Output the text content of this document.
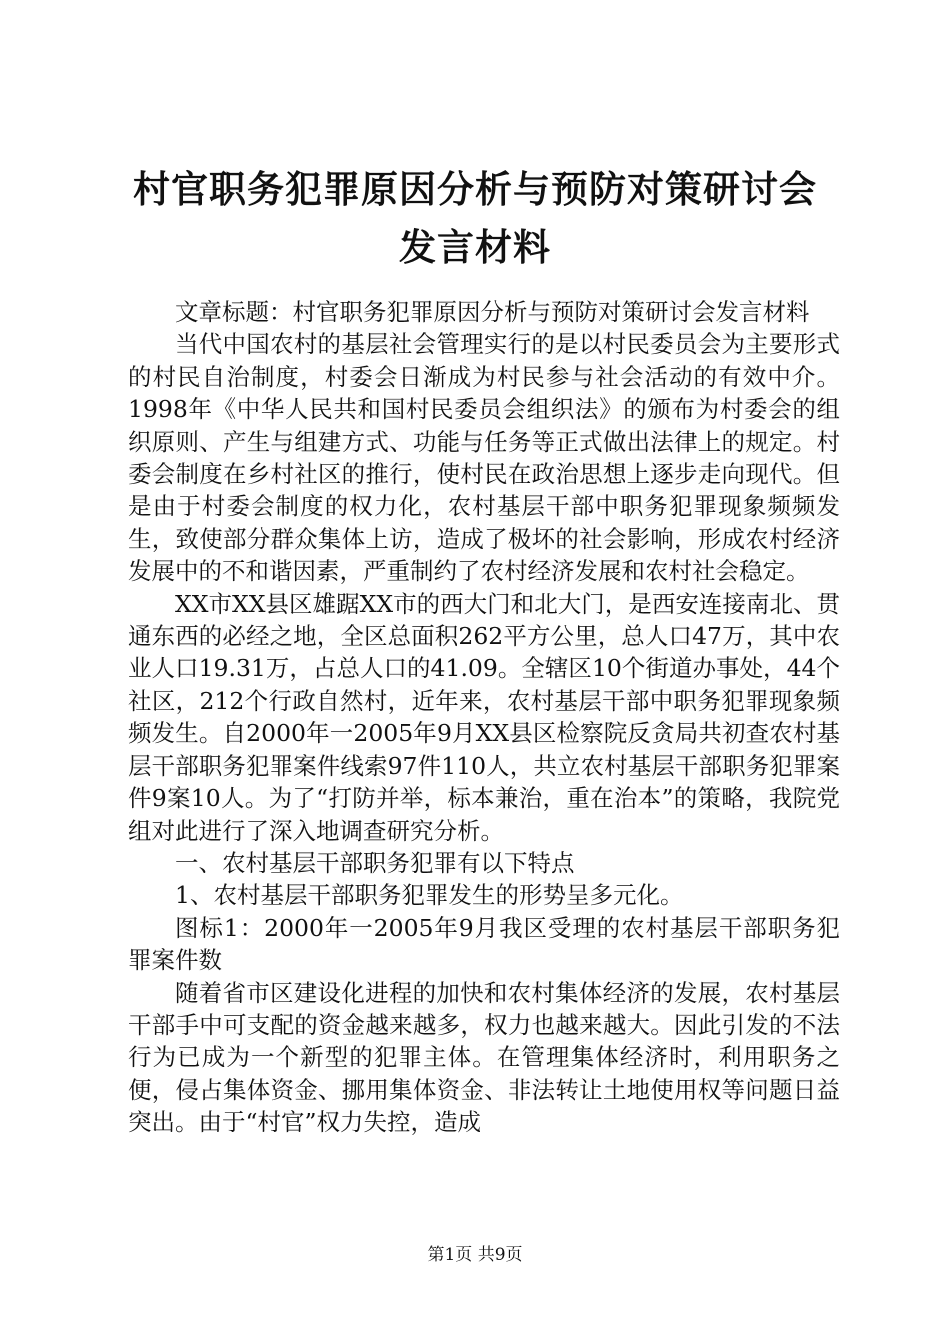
村官职务犯罪原因分析与预防对策研讨会发言材料

文章标题：村官职务犯罪原因分析与预防对策研讨会发言材料

当代中国农村的基层社会管理实行的是以村民委员会为主要形式的村民自治制度，村委会日渐成为村民参与社会活动的有效中介。1998年《中华人民共和国村民委员会组织法》的颁布为村委会的组织原则、产生与组建方式、功能与任务等正式做出法律上的规定。村委会制度在乡村社区的推行，使村民在政治思想上逐步走向现代。但是由于村委会制度的权力化，农村基层干部中职务犯罪现象频频发生，致使部分群众集体上访，造成了极坏的社会影响，形成农村经济发展中的不和谐因素，严重制约了农村经济发展和农村社会稳定。

XX市XX县区雄踞XX市的西大门和北大门，是西安连接南北、贯通东西的必经之地，全区总面积262平方公里，总人口47万，其中农业人口19.31万，占总人口的41.09。全辖区10个街道办事处，44个社区，212个行政自然村，近年来，农村基层干部中职务犯罪现象频频发生。自2000年一2005年9月XX县区检察院反贪局共初查农村基层干部职务犯罪案件线索97件110人，共立农村基层干部职务犯罪案件9案10人。为了“打防并举，标本兼治，重在治本”的策略，我院党组对此进行了深入地调查研究分析。

一、农村基层干部职务犯罪有以下特点

1、农村基层干部职务犯罪发生的形势呈多元化。

图标1：2000年一2005年9月我区受理的农村基层干部职务犯罪案件数

随着省市区建设化进程的加快和农村集体经济的发展，农村基层干部手中可支配的资金越来越多，权力也越来越大。因此引发的不法行为已成为一个新型的犯罪主体。在管理集体经济时，利用职务之便，侵占集体资金、挪用集体资金、非法转让土地使用权等问题日益突出。由于“村官”权力失控，造成

第1页 共9页
